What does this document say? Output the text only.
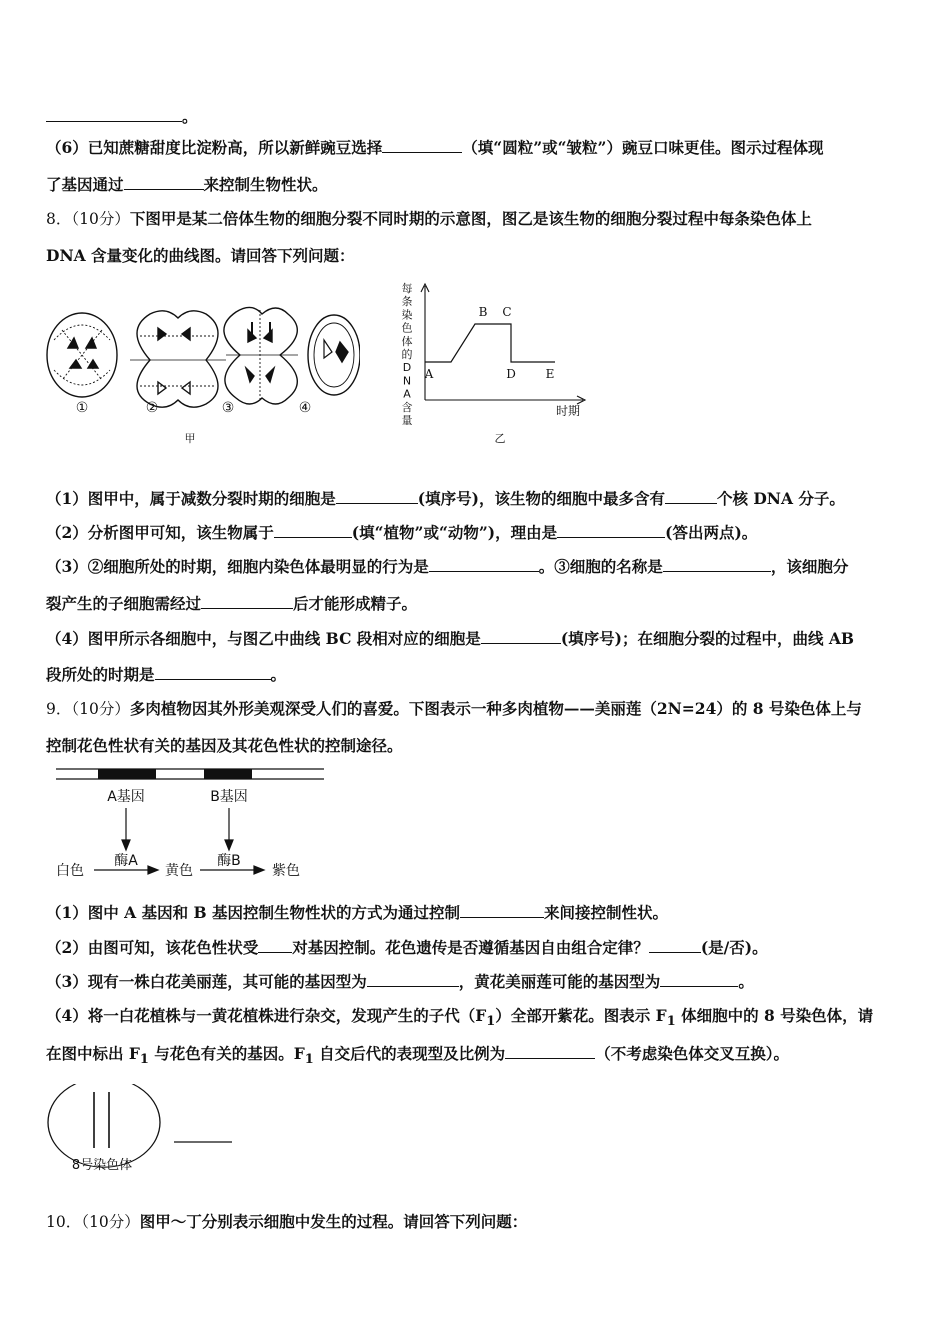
。
（6）已知蔗糖甜度比淀粉高，所以新鲜豌豆选择	（填“圆粒”或“皱粒”）豌豆口味更佳。图示过程体现
了基因通过	来控制生物性状。
8．（10分）下图甲是某二倍体生物的细胞分裂不同时期的示意图，图乙是该生物的细胞分裂过程中每条染色体上
DNA 含量变化的曲线图。请回答下列问题：
①	②	③	④
甲
每
条
染
色
体
的
D
N
A
含
量
A
B C
D E
时期
乙
（1）图甲中，属于减数分裂时期的细胞是	(填序号)，该生物的细胞中最多含有	个核 DNA 分子。
（2）分析图甲可知，该生物属于	(填“植物”或“动物”)，理由是	(答出两点)。
（3）②细胞所处的时期，细胞内染色体最明显的行为是	。③细胞的名称是	，该细胞分
裂产生的子细胞需经过	后才能形成精子。
（4）图甲所示各细胞中，与图乙中曲线 BC 段相对应的细胞是	(填序号)；在细胞分裂的过程中，曲线 AB
段所处的时期是	。
9．（10分）多肉植物因其外形美观深受人们的喜爱。下图表示一种多肉植物——美丽莲（2N=24）的 8 号染色体上与
控制花色性状有关的基因及其花色性状的控制途径。
A基因	B基因
白色
酶A
黄色
酶B
紫色
（1）图中 A 基因和 B 基因控制生物性状的方式为通过控制	来间接控制性状。
（2）由图可知，该花色性状受 对基因控制。花色遗传是否遵循基因自由组合定律？	(是/否)。
（3）现有一株白花美丽莲，其可能的基因型为	，黄花美丽莲可能的基因型为	。
（4）将一白花植株与一黄花植株进行杂交，发现产生的子代$(F_1)$全部开紫花。图表示 $F_1$ 体细胞中的 8 号染色体，请
在图中标出 $F_1$ 与花色有关的基因。$F_1$ 自交后代的表现型及比例为	（不考虑染色体交叉互换）。
8号染色体
10．（10分）图甲～丁分别表示细胞中发生的过程。请回答下列问题：
